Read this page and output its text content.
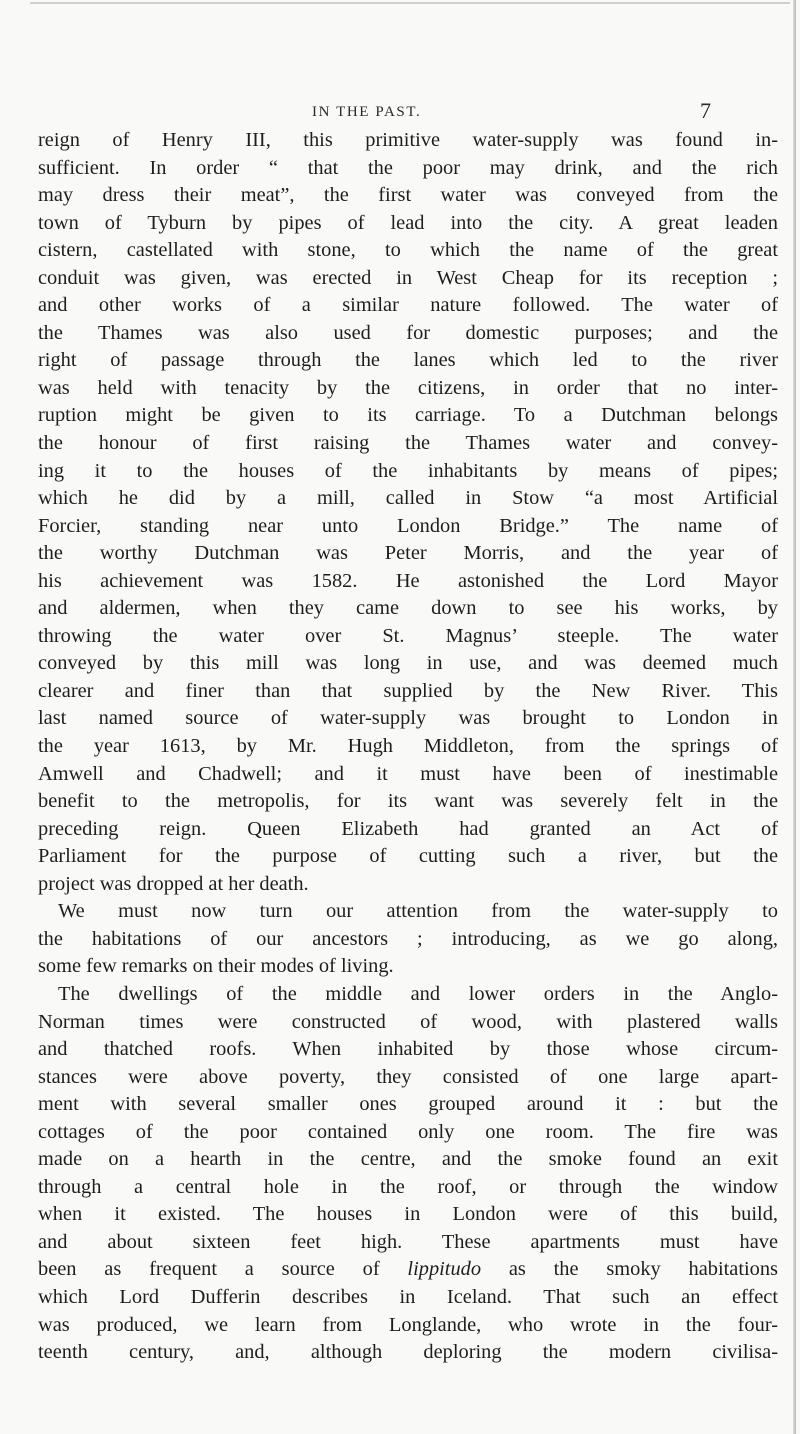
IN THE PAST.	7
reign of Henry III, this primitive water-supply was found in-
sufficient. In order “ that the poor may drink, and the rich
may dress their meat”, the first water was conveyed from the
town of Tyburn by pipes of lead into the city. A great leaden
cistern, castellated with stone, to which the name of the great
conduit was given, was erected in West Cheap for its reception ;
and other works of a similar nature followed. The water of
the Thames was also used for domestic purposes; and the
right of passage through the lanes which led to the river
was held with tenacity by the citizens, in order that no inter-
ruption might be given to its carriage. To a Dutchman belongs
the honour of first raising the Thames water and convey-
ing it to the houses of the inhabitants by means of pipes;
which he did by a mill, called in Stow “a most Artificial
Forcier, standing near unto London Bridge.” The name of
the worthy Dutchman was Peter Morris, and the year of
his achievement was 1582. He astonished the Lord Mayor
and aldermen, when they came down to see his works, by
throwing the water over St. Magnus’ steeple. The water
conveyed by this mill was long in use, and was deemed much
clearer and finer than that supplied by the New River. This
last named source of water-supply was brought to London in
the year 1613, by Mr. Hugh Middleton, from the springs of
Amwell and Chadwell; and it must have been of inestimable
benefit to the metropolis, for its want was severely felt in the
preceding reign. Queen Elizabeth had granted an Act of
Parliament for the purpose of cutting such a river, but the
project was dropped at her death.
We must now turn our attention from the water-supply to
the habitations of our ancestors ; introducing, as we go along,
some few remarks on their modes of living.
The dwellings of the middle and lower orders in the Anglo-
Norman times were constructed of wood, with plastered walls
and thatched roofs. When inhabited by those whose circum-
stances were above poverty, they consisted of one large apart-
ment with several smaller ones grouped around it : but the
cottages of the poor contained only one room. The fire was
made on a hearth in the centre, and the smoke found an exit
through a central hole in the roof, or through the window
when it existed. The houses in London were of this build,
and about sixteen feet high. These apartments must have
been as frequent a source of lippitudo as the smoky habitations
which Lord Dufferin describes in Iceland. That such an effect
was produced, we learn from Longlande, who wrote in the four-
teenth century, and, although deploring the modern civilisa-
